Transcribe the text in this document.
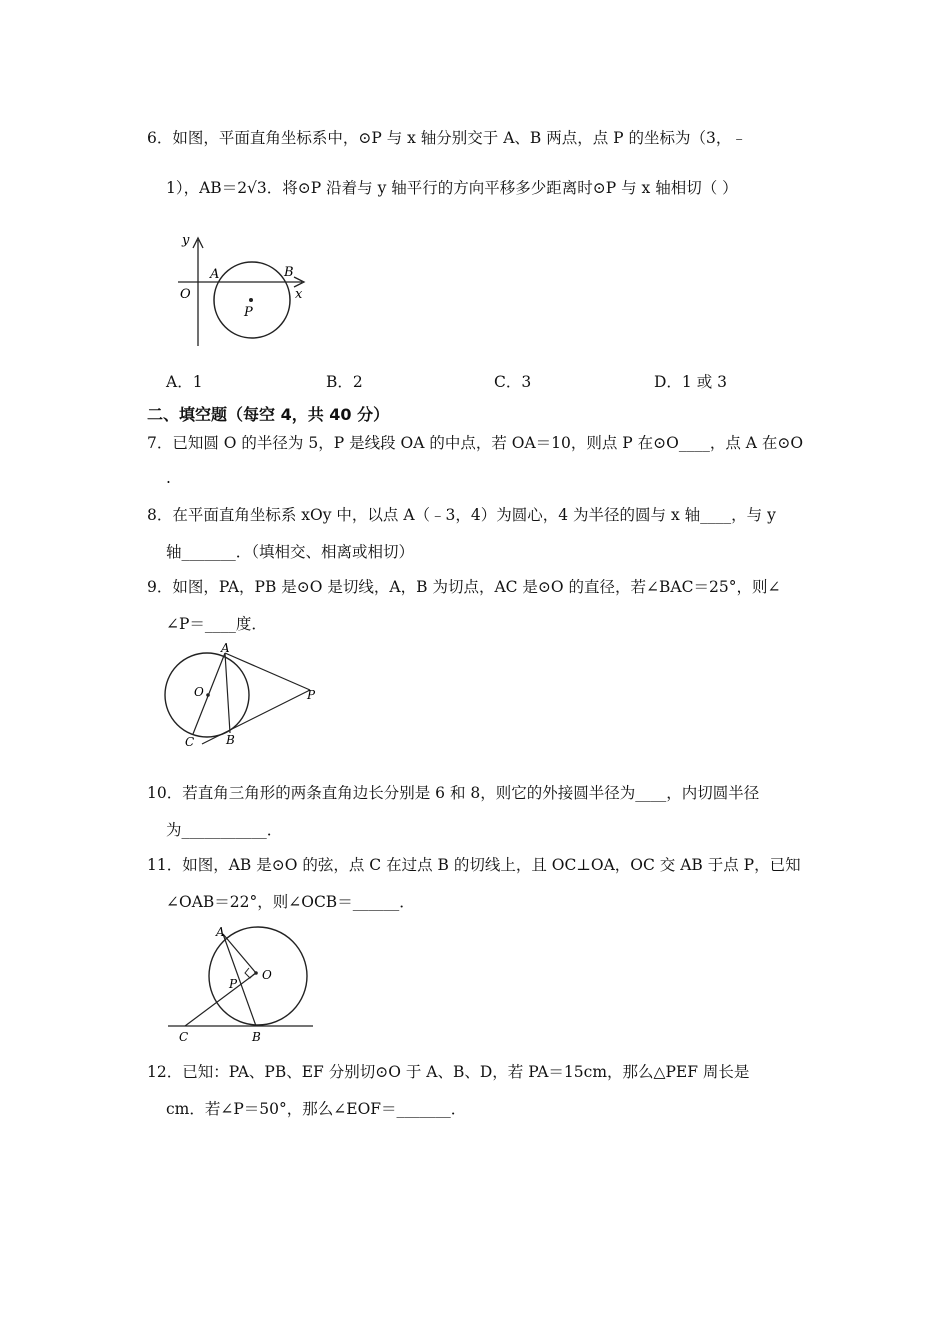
6．如图，平面直角坐标系中，⊙P 与 x 轴分别交于 A、B 两点，点 P 的坐标为（3，﹣
1），AB＝2√3．将⊙P 沿着与 y 轴平行的方向平移多少距离时⊙P 与 x 轴相切（ ）
y
x
O
A	B
P
A．1	B．2	C．3	D．1 或 3
二、填空题（每空 4，共 40 分）
7．已知圆 O 的半径为 5，P 是线段 OA 的中点，若 OA＝10，则点 P 在⊙O____，点 A 在⊙O
.
8．在平面直角坐标系 xOy 中，以点 A（﹣3，4）为圆心，4 为半径的圆与 x 轴____，与 y
轴_______．（填相交、相离或相切）
9．如图，PA，PB 是⊙O 是切线，A，B 为切点，AC 是⊙O 的直径，若∠BAC＝25°，则∠
∠P＝____度．
A
O	P
C	B
10．若直角三角形的两条直角边长分别是 6 和 8，则它的外接圆半径为____，内切圆半径
为___________．
11．如图，AB 是⊙O 的弦，点 C 在过点 B 的切线上，且 OC⊥OA，OC 交 AB 于点 P，已知
∠OAB＝22°，则∠OCB＝______．
A
O
P
C	B
12．已知：PA、PB、EF 分别切⊙O 于 A、B、D，若 PA＝15cm，那么△PEF 周长是
cm．若∠P＝50°，那么∠EOF＝_______．
